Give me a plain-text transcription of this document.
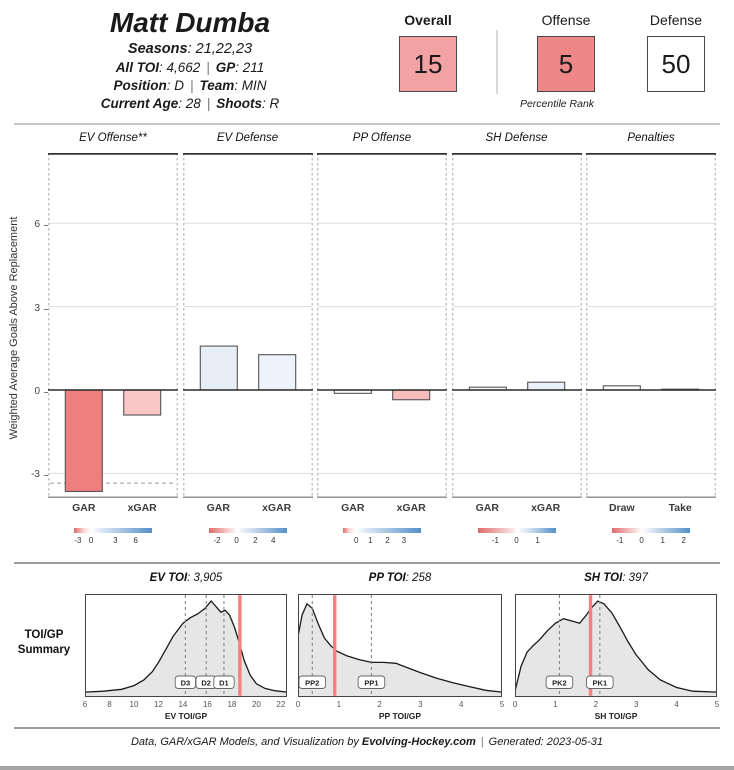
Matt Dumba
Seasons: 21,22,23
All TOI: 4,662 | GP: 211
Position: D | Team: MIN
Current Age: 28 | Shoots: R
Overall
15
Offense
5
Defense
50
Percentile Rank
Weighted Average Goals Above Replacement	6
3
0
-3
EV Offense**
GAR	xGAR
-3 0 3 6
EV Defense
GAR	xGAR
-2 0 2 4
PP Offense
GAR	xGAR
0 1 2 3
SH Defense
GAR	xGAR
-1 0 1
Penalties
Draw	Take
-1 0 1 2
TOI/GP
Summary
EV TOI: 3,905
D3 D2 D1
6	8 10 12 14 16 18 20 22
EV TOI/GP
PP TOI: 258
PP2	PP1
0	1	2	3	4	5
PP TOI/GP
SH TOI: 397
PK2	PK1
0	1	2	3	4	5
SH TOI/GP
Data, GAR/xGAR Models, and Visualization by Evolving-Hockey.com | Generated: 2023-05-31
